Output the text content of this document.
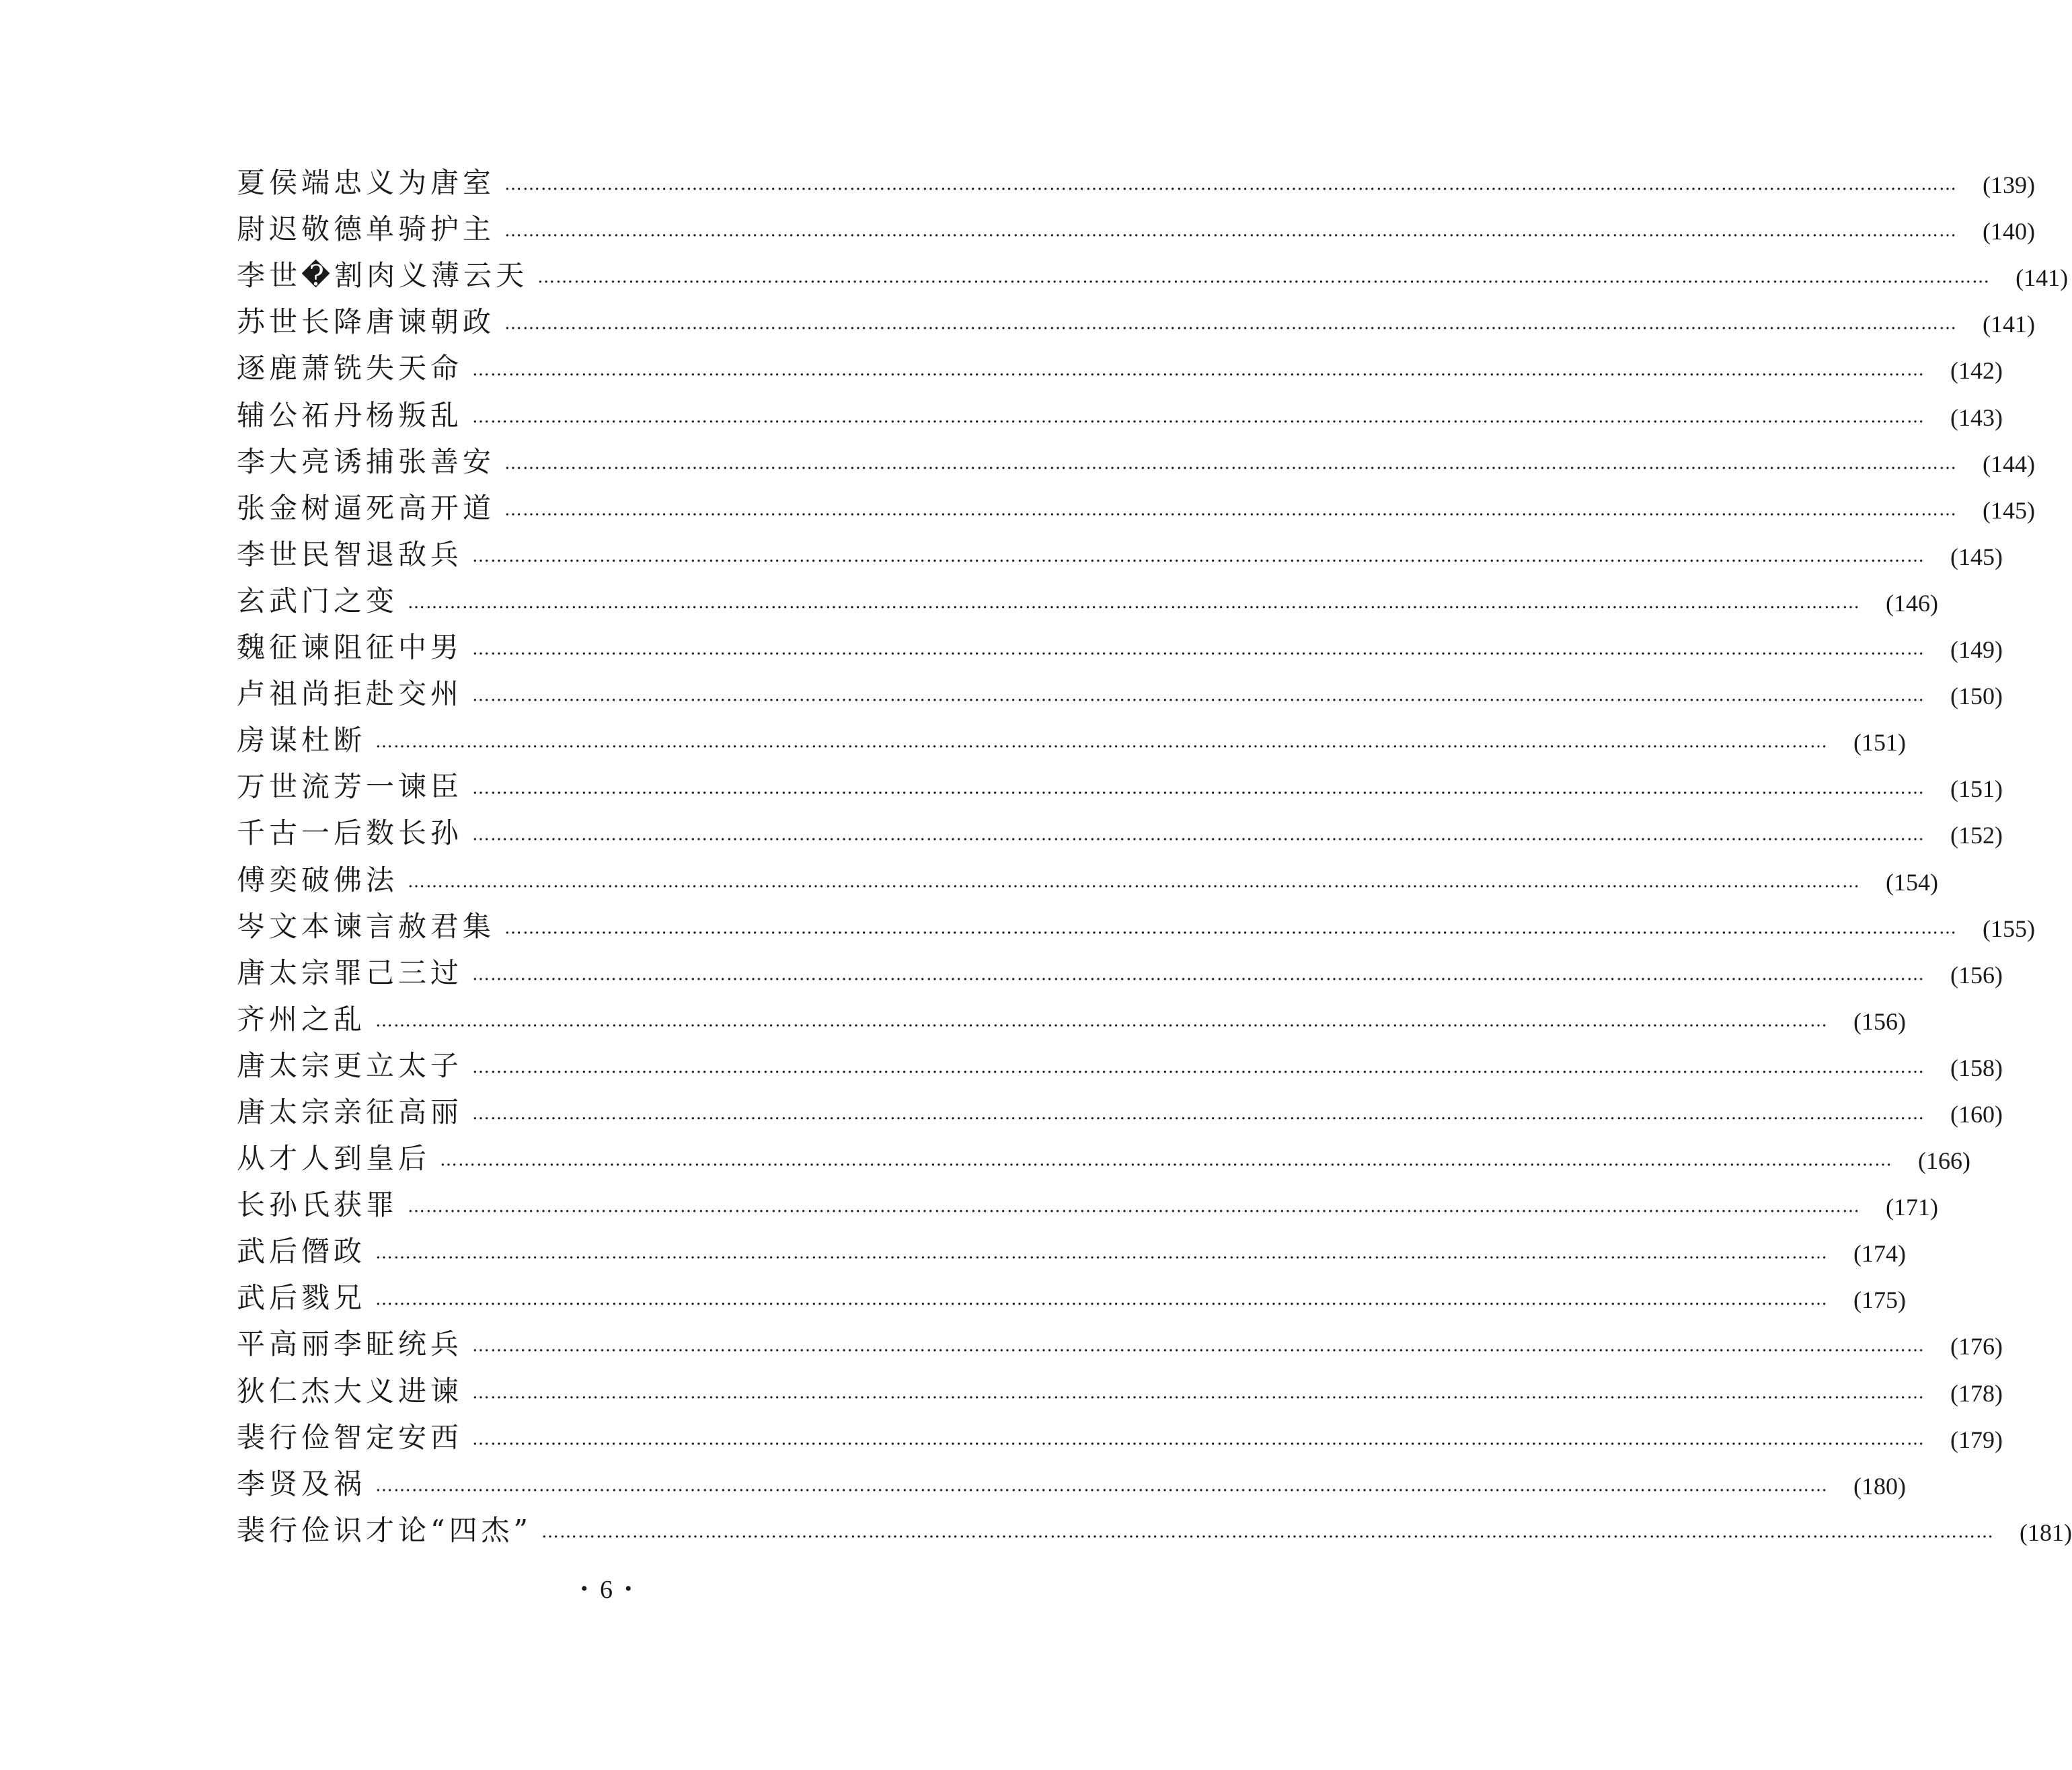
夏侯端忠义为唐室 ……………………………………………………………………………………………………………………………………………………………………………………………………………………	(139)
尉迟敬德单骑护主 ……………………………………………………………………………………………………………………………………………………………………………………………………………………	(140)
李世�割肉义薄云天 ……………………………………………………………………………………………………………………………………………………………………………………………………………………	(141)
苏世长降唐谏朝政 ……………………………………………………………………………………………………………………………………………………………………………………………………………………	(141)
逐鹿萧铣失天命 ……………………………………………………………………………………………………………………………………………………………………………………………………………………	(142)
辅公祏丹杨叛乱 ……………………………………………………………………………………………………………………………………………………………………………………………………………………	(143)
李大亮诱捕张善安 ……………………………………………………………………………………………………………………………………………………………………………………………………………………	(144)
张金树逼死高开道 ……………………………………………………………………………………………………………………………………………………………………………………………………………………	(145)
李世民智退敌兵 ……………………………………………………………………………………………………………………………………………………………………………………………………………………	(145)
玄武门之变 ……………………………………………………………………………………………………………………………………………………………………………………………………………………	(146)
魏征谏阻征中男 ……………………………………………………………………………………………………………………………………………………………………………………………………………………	(149)
卢祖尚拒赴交州 ……………………………………………………………………………………………………………………………………………………………………………………………………………………	(150)
房谋杜断 ……………………………………………………………………………………………………………………………………………………………………………………………………………………	(151)
万世流芳一谏臣 ……………………………………………………………………………………………………………………………………………………………………………………………………………………	(151)
千古一后数长孙 ……………………………………………………………………………………………………………………………………………………………………………………………………………………	(152)
傅奕破佛法 ……………………………………………………………………………………………………………………………………………………………………………………………………………………	(154)
岑文本谏言赦君集 ……………………………………………………………………………………………………………………………………………………………………………………………………………………	(155)
唐太宗罪己三过 ……………………………………………………………………………………………………………………………………………………………………………………………………………………	(156)
齐州之乱 ……………………………………………………………………………………………………………………………………………………………………………………………………………………	(156)
唐太宗更立太子 ……………………………………………………………………………………………………………………………………………………………………………………………………………………	(158)
唐太宗亲征高丽 ……………………………………………………………………………………………………………………………………………………………………………………………………………………	(160)
从才人到皇后 ……………………………………………………………………………………………………………………………………………………………………………………………………………………	(166)
长孙氏获罪 ……………………………………………………………………………………………………………………………………………………………………………………………………………………	(171)
武后僭政 ……………………………………………………………………………………………………………………………………………………………………………………………………………………	(174)
武后戮兄 ……………………………………………………………………………………………………………………………………………………………………………………………………………………	(175)
平高丽李眐统兵 ……………………………………………………………………………………………………………………………………………………………………………………………………………………	(176)
狄仁杰大义进谏 ……………………………………………………………………………………………………………………………………………………………………………………………………………………	(178)
裴行俭智定安西 ……………………………………………………………………………………………………………………………………………………………………………………………………………………	(179)
李贤及祸 ……………………………………………………………………………………………………………………………………………………………………………………………………………………	(180)
裴行俭识才论“四杰” ……………………………………………………………………………………………………………………………………………………………………………………………………………………	(181)
• 6 •
